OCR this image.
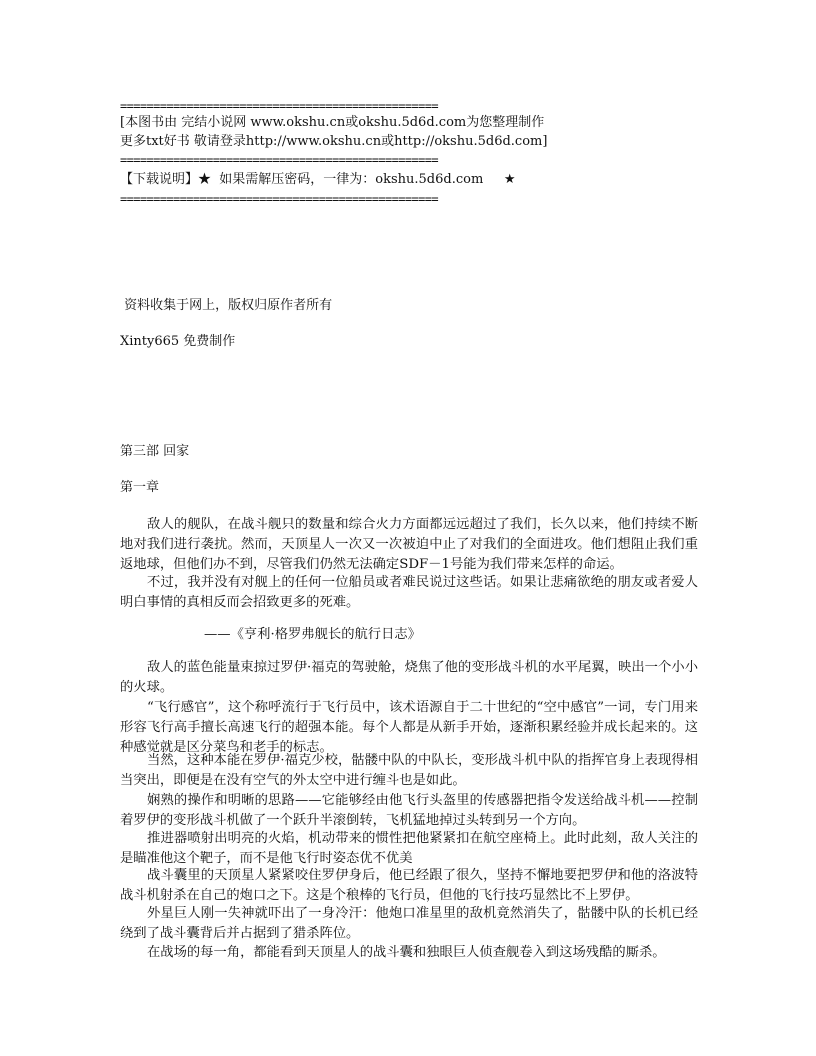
================================================
[本图书由 完结小说网 www.okshu.cn或okshu.5d6d.com为您整理制作
更多txt好书 敬请登录http://www.okshu.cn或http://okshu.5d6d.com]
================================================
【下载说明】★  如果需解压密码，一律为：okshu.5d6d.com     ★
================================================
资料收集于网上，版权归原作者所有
Xinty665 免费制作
第三部 回家
第一章

敌人的舰队，在战斗舰只的数量和综合火力方面都远远超过了我们，长久以来，他们持续不断地对我们进行袭扰。然而，天顶星人一次又一次被迫中止了对我们的全面进攻。他们想阻止我们重返地球，但他们办不到，尽管我们仍然无法确定SDF－1号能为我们带来怎样的命运。

不过，我并没有对舰上的任何一位船员或者难民说过这些话。如果让悲痛欲绝的朋友或者爱人明白事情的真相反而会招致更多的死难。

——《亨利·格罗弗舰长的航行日志》

敌人的蓝色能量束掠过罗伊·福克的驾驶舱，烧焦了他的变形战斗机的水平尾翼，映出一个小小的火球。

“飞行感官”，这个称呼流行于飞行员中，该术语源自于二十世纪的“空中感官”一词，专门用来形容飞行高手擅长高速飞行的超强本能。每个人都是从新手开始，逐渐积累经验并成长起来的。这种感觉就是区分菜鸟和老手的标志。

当然，这种本能在罗伊·福克少校，骷髅中队的中队长，变形战斗机中队的指挥官身上表现得相当突出，即便是在没有空气的外太空中进行缠斗也是如此。

娴熟的操作和明晰的思路——它能够经由他飞行头盔里的传感器把指令发送给战斗机——控制着罗伊的变形战斗机做了一个跃升半滚倒转，飞机猛地掉过头转到另一个方向。

推进器喷射出明亮的火焰，机动带来的惯性把他紧紧扣在航空座椅上。此时此刻，敌人关注的是瞄准他这个靶子，而不是他飞行时姿态优不优美

战斗囊里的天顶星人紧紧咬住罗伊身后，他已经跟了很久，坚持不懈地要把罗伊和他的洛波特战斗机射杀在自己的炮口之下。这是个稂棒的飞行员，但他的飞行技巧显然比不上罗伊。

外星巨人刚一失神就吓出了一身冷汗：他炮口准星里的敌机竟然消失了，骷髅中队的长机已经绕到了战斗囊背后并占据到了猎杀阵位。

在战场的每一角，都能看到天顶星人的战斗囊和独眼巨人侦查舰卷入到这场残酷的厮杀。
